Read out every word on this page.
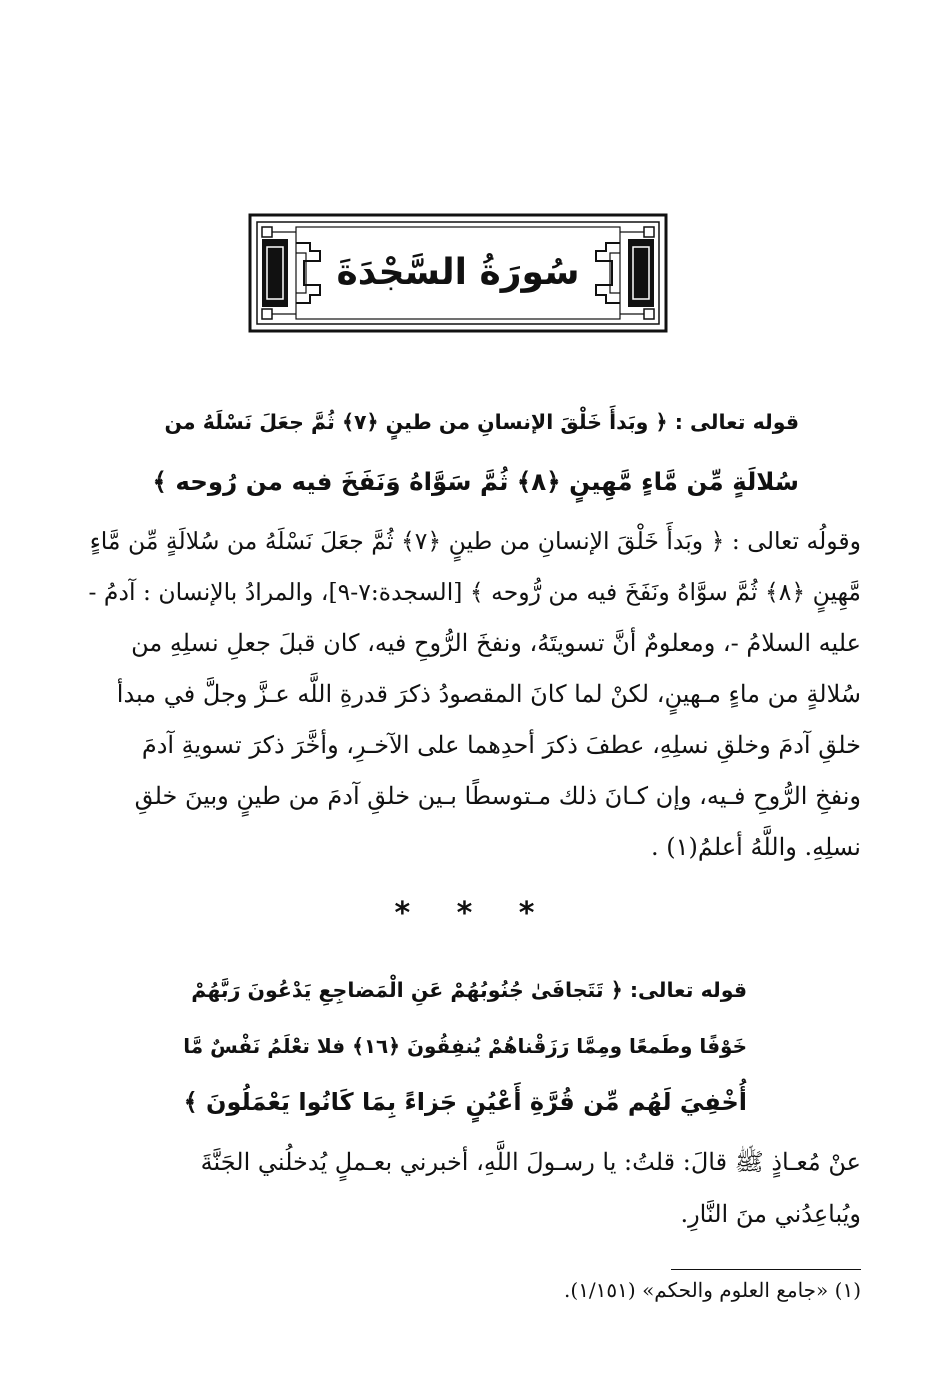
سُورَةُ السَّجْدَةَ
قوله تعالى : ﴿ وبَدأَ خَلْقَ الإنسانِ من طينٍ ﴿٧﴾ ثُمَّ جعَلَ نَسْلَهُ من
سُلالَةٍ مِّن مَّاءٍ مَّهِينٍ ﴿٨﴾ ثُمَّ سَوَّاهُ وَنَفَخَ فيه من رُوحه ﴾
وقولُه تعالى : ﴿ وبَدأَ خَلْقَ الإنسانِ من طينٍ ﴿٧﴾ ثُمَّ جعَلَ نَسْلَهُ من سُلالَةٍ مِّن مَّاءٍ
مَّهِينٍ ﴿٨﴾ ثُمَّ سوَّاهُ ونَفَخَ فيه من رُّوحه ﴾ [السجدة:٧-٩]، والمرادُ بالإنسان : آدمُ -
عليه السلامُ -، ومعلومٌ أنَّ تسويتَهُ، ونفخَ الرُّوحِ فيه، كان قبلَ جعلِ نسلِهِ من
سُلالةٍ من ماءٍ مـهينٍ، لكنْ لما كانَ المقصودُ ذكرَ قدرةِ اللَّه عـزَّ وجلَّ في مبدأ
خلقِ آدمَ وخلقِ نسلِهِ، عطفَ ذكرَ أحدِهما على الآخـرِ، وأخَّرَ ذكرَ تسويةِ آدمَ
ونفخِ الرُّوحِ فـيه، وإن كـانَ ذلك مـتوسطًا بـين خلقِ آدمَ من طينٍ وبينَ خلقِ
نسلِهِ. واللَّهُ أعلمُ(١) .
* * *
قوله تعالى: ﴿ تَتَجافَىٰ جُنُوبُهُمْ عَنِ الْمَضاجِعِ يَدْعُونَ رَبَّهُمْ
خَوْفًا وطَمعًا ومِمَّا رَزَقْناهُمْ يُنفِقُونَ ﴿١٦﴾ فلا تعْلَمُ نَفْسٌ مَّا
أُخْفِيَ لَهُم مِّن قُرَّةِ أَعْيُنٍ جَزاءً بِمَا كَانُوا يَعْمَلُونَ ﴾
عنْ مُعـاذٍ ﷺ قالَ: قلتُ: يا رسـولَ اللَّهِ، أخبرني بعـملٍ يُدخلُني الجَنَّةَ
ويُباعِدُني منَ النَّارِ.
(١) «جامع العلوم والحكم» (١/١٥١).
